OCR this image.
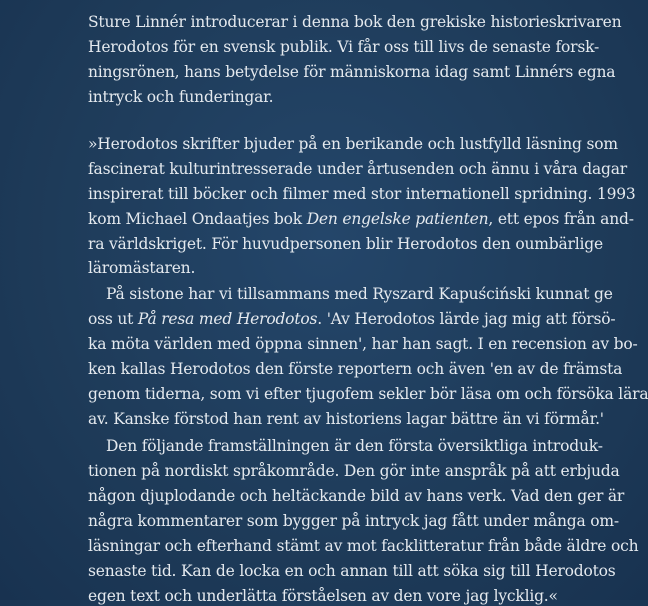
Sture Linnér introducerar i denna bok den grekiske historieskrivaren
Herodotos för en svensk publik. Vi får oss till livs de senaste forsk-
ningsrönen, hans betydelse för människorna idag samt Linnérs egna
intryck och funderingar.
»Herodotos skrifter bjuder på en berikande och lustfylld läsning som
fascinerat kulturintresserade under årtusenden och ännu i våra dagar
inspirerat till böcker och filmer med stor internationell spridning. 1993
kom Michael Ondaatjes bok Den engelske patienten, ett epos från and-
ra världskriget. För huvudpersonen blir Herodotos den oumbärlige
läromästaren.
På sistone har vi tillsammans med Ryszard Kapuściński kunnat ge
oss ut På resa med Herodotos. 'Av Herodotos lärde jag mig att försö-
ka möta världen med öppna sinnen', har han sagt. I en recension av bo-
ken kallas Herodotos den förste reportern och även 'en av de främsta
genom tiderna, som vi efter tjugofem sekler bör läsa om och försöka lära
av. Kanske förstod han rent av historiens lagar bättre än vi förmår.'
Den följande framställningen är den första översiktliga introduk-
tionen på nordiskt språkområde. Den gör inte anspråk på att erbjuda
någon djuplodande och heltäckande bild av hans verk. Vad den ger är
några kommentarer som bygger på intryck jag fått under många om-
läsningar och efterhand stämt av mot facklitteratur från både äldre och
senaste tid. Kan de locka en och annan till att söka sig till Herodotos
egen text och underlätta förståelsen av den vore jag lycklig.«
